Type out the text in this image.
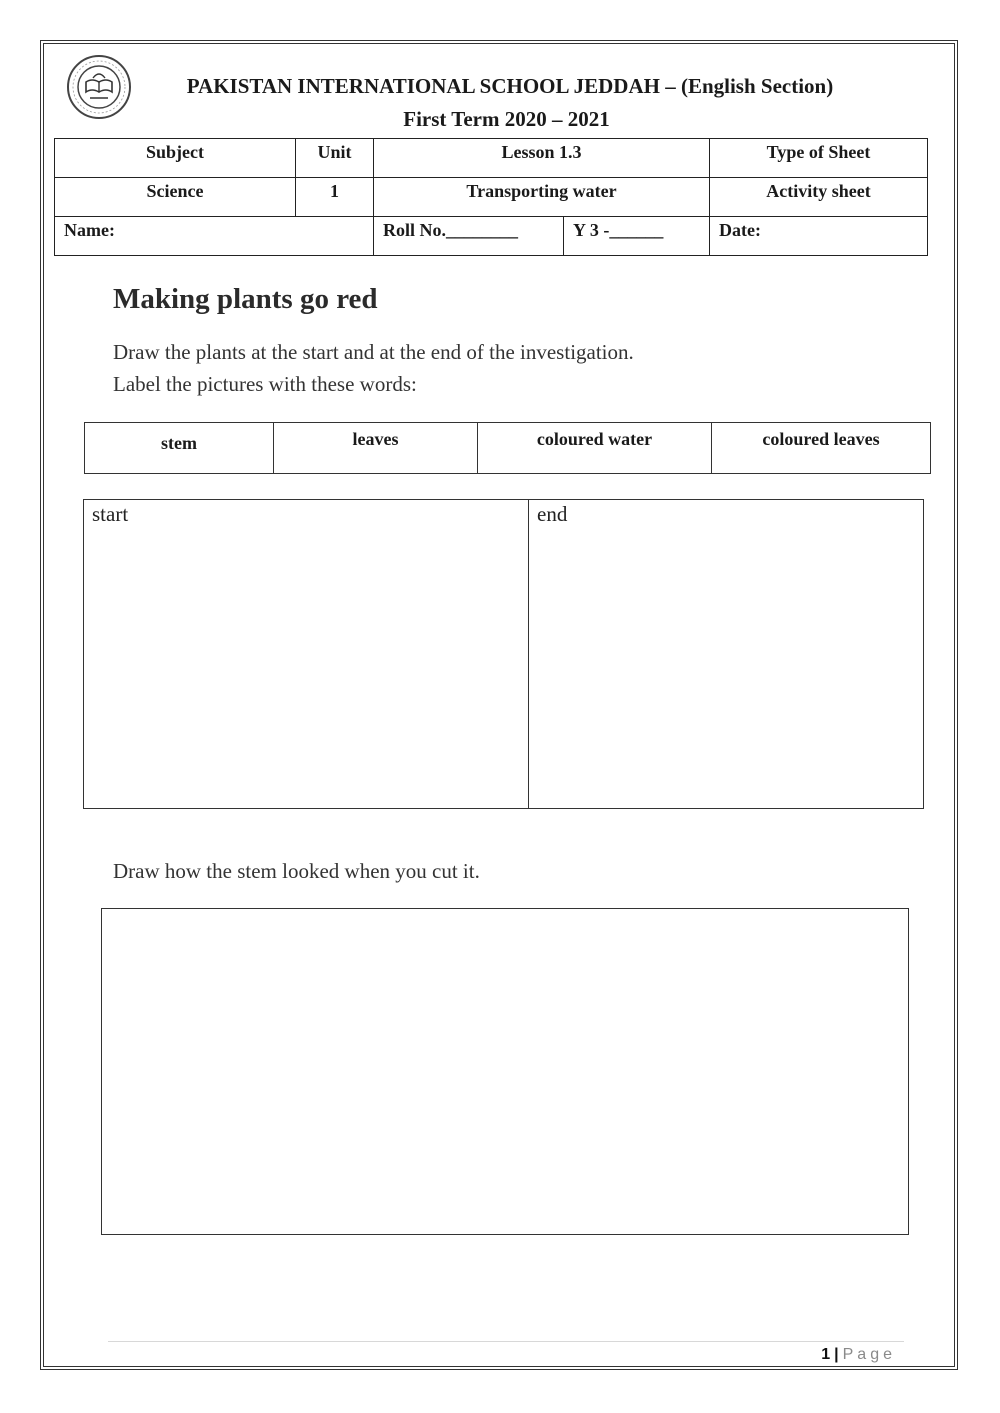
PAKISTAN INTERNATIONAL SCHOOL JEDDAH – (English Section)
First Term 2020 – 2021
Subject	Unit	Lesson 1.3		Type of Sheet

Science	1	Transporting water		Activity sheet

Name:		Roll No.________	Y 3 -______	Date:
Making plants go red
Draw the plants at the start and at the end of the investigation.
Label the pictures with these words:
stem	leaves	coloured water	coloured leaves
start	end
Draw how the stem looked when you cut it.
1 | Page
